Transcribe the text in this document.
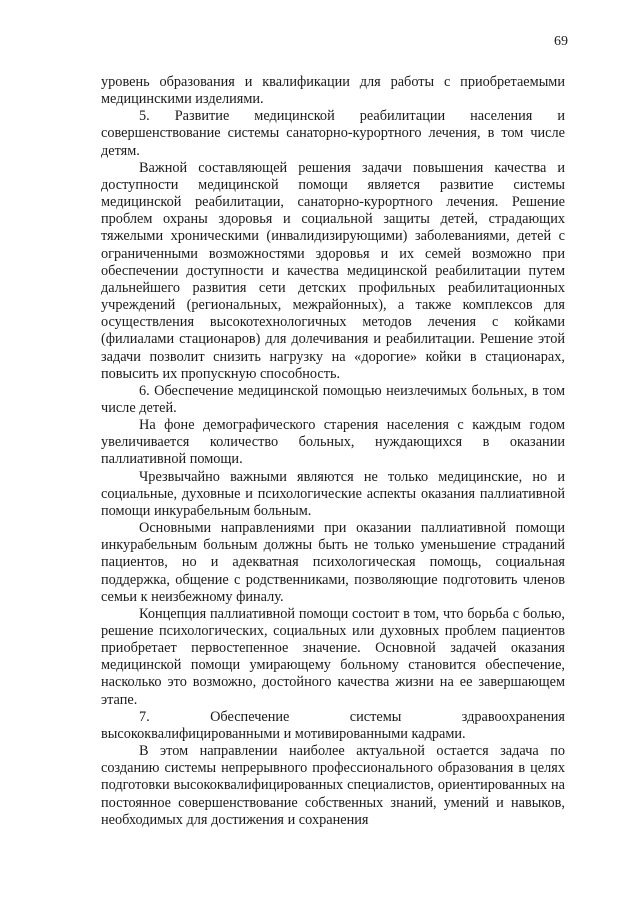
69

уровень образования и квалификации для работы с приобретаемыми медицинскими изделиями.

5. Развитие медицинской реабилитации населения и совершенствование системы санаторно-курортного лечения, в том числе детям.

Важной составляющей решения задачи повышения качества и доступности медицинской помощи является развитие системы медицинской реабилитации, санаторно-курортного лечения. Решение проблем охраны здоровья и социальной защиты детей, страдающих тяжелыми хроническими (инвалидизирующими) заболеваниями, детей с ограниченными возможностями здоровья и их семей возможно при обеспечении доступности и качества медицинской реабилитации путем дальнейшего развития сети детских профильных реабилитационных учреждений (региональных, межрайонных), а также комплексов для осуществления высокотехнологичных методов лечения с койками (филиалами стационаров) для долечивания и реабилитации. Решение этой задачи позволит снизить нагрузку на «дорогие» койки в стационарах, повысить их пропускную способность.

6. Обеспечение медицинской помощью неизлечимых больных, в том числе детей.

На фоне демографического старения населения с каждым годом увеличивается количество больных, нуждающихся в оказании паллиативной помощи.

Чрезвычайно важными являются не только медицинские, но и социальные, духовные и психологические аспекты оказания паллиативной помощи инкурабельным больным.

Основными направлениями при оказании паллиативной помощи инкурабельным больным должны быть не только уменьшение страданий пациентов, но и адекватная психологическая помощь, социальная поддержка, общение с родственниками, позволяющие подготовить членов семьи к неизбежному финалу.

Концепция паллиативной помощи состоит в том, что борьба с болью, решение психологических, социальных или духовных проблем пациентов приобретает первостепенное значение. Основной задачей оказания медицинской помощи умирающему больному становится обеспечение, насколько это возможно, достойного качества жизни на ее завершающем этапе.

7. Обеспечение системы здравоохранения высококвалифицированными и мотивированными кадрами.

В этом направлении наиболее актуальной остается задача по созданию системы непрерывного профессионального образования в целях подготовки высококвалифицированных специалистов, ориентированных на постоянное совершенствование собственных знаний, умений и навыков, необходимых для достижения и сохранения
